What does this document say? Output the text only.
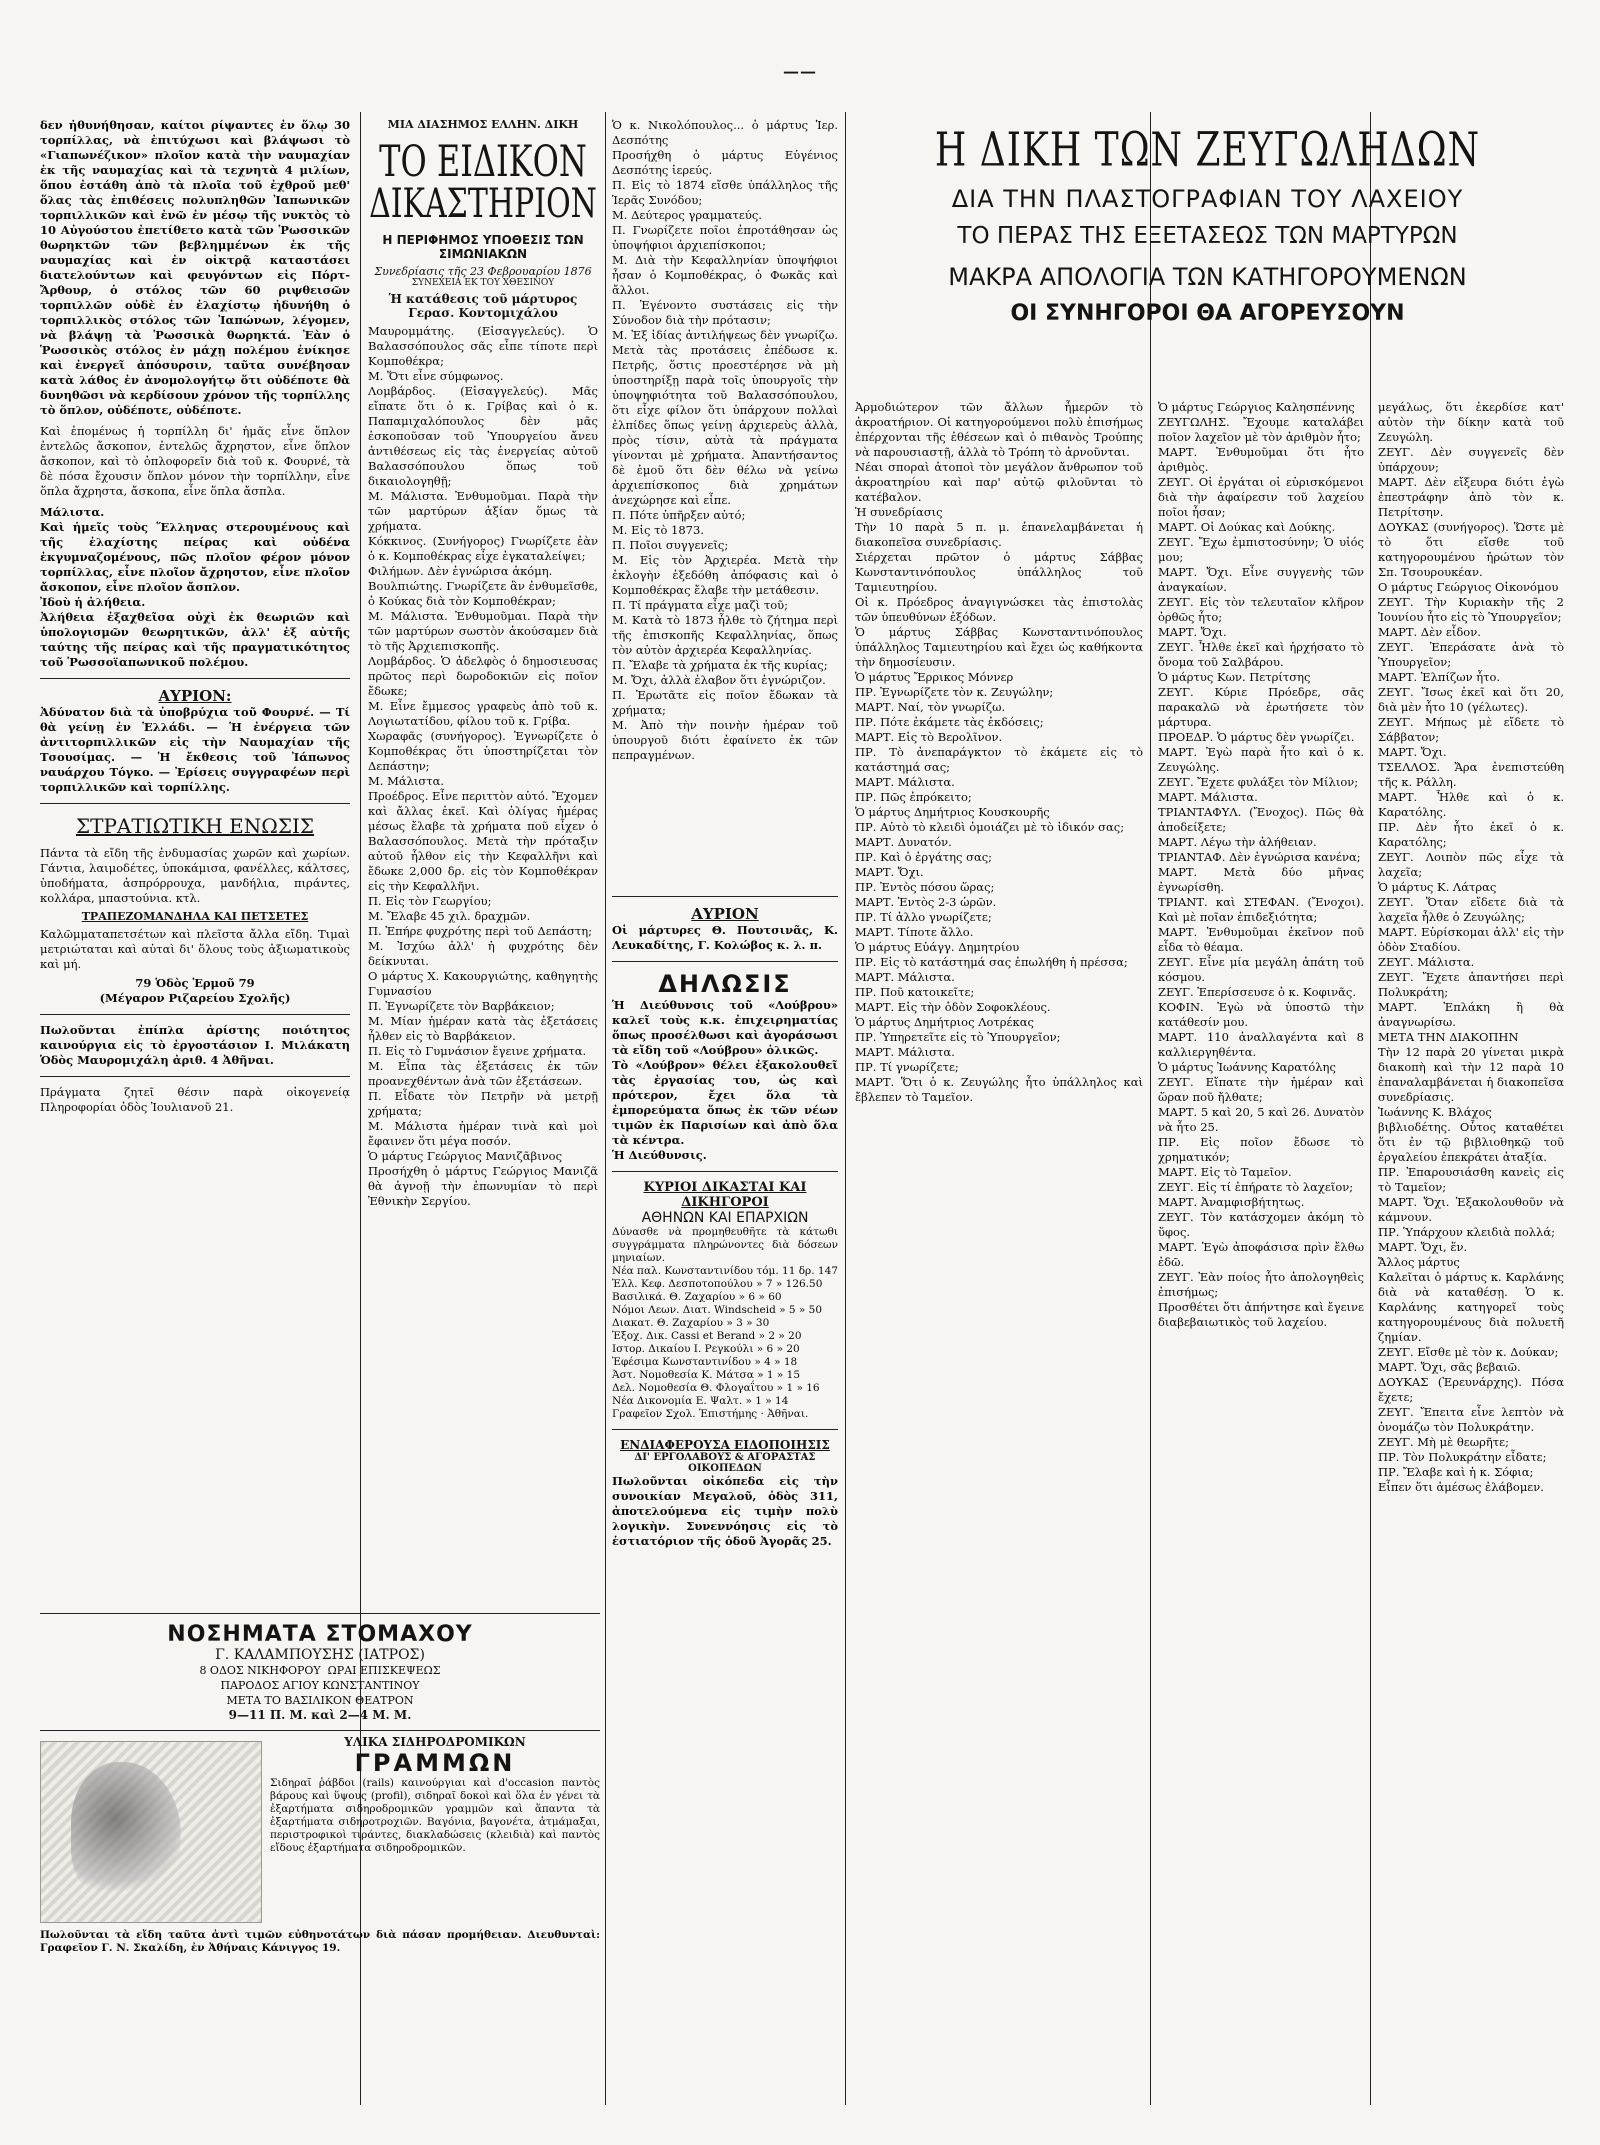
——
δεν ἠθυνήθησαν, καίτοι ρίψαντες ἐν ὅλῳ 30 τορπίλλας, νὰ ἐπιτύχωσι καὶ βλάψωσι τὸ «Γιαπωνέζικον» πλοῖον κατὰ τὴν ναυμαχίαν ἐκ τῆς ναυμαχίας καὶ τὰ τεχνητὰ 4 μιλίων, ὅπου ἐστάθη ἀπὸ τὰ πλοῖα τοῦ ἐχθροῦ μεθ' ὅλας τὰς ἐπιθέσεις πολυπληθῶν Ἰαπωνικῶν τορπιλλικῶν καὶ ἐνῶ ἐν μέσῳ τῆς νυκτὸς τὸ 10 Αὐγούστου ἐπετίθετο κατὰ τῶν Ῥωσσικῶν θωρηκτῶν τῶν βεβλημμένων ἐκ τῆς ναυμαχίας καὶ ἐν οἰκτρᾷ καταστάσει διατελούντων καὶ φευγόντων εἰς Πόρτ-Ἄρθουρ, ὁ στόλος τῶν 60 ριψθεισῶν τορπιλλῶν οὐδὲ ἐν ἐλαχίστῳ ἠδυνήθη ὁ τορπιλλικὸς στόλος τῶν Ἰαπώνων, λέγομεν, νὰ βλάψῃ τὰ Ῥωσσικὰ θωρηκτά. Ἐὰν ὁ Ῥωσσικὸς στόλος ἐν μάχῃ πολέμου ἐνίκησε καὶ ἐνεργεῖ ἀπόσυρσιν, ταῦτα συνέβησαν κατὰ λάθος ἐν ἀνομολογήτῳ ὅτι οὐδέποτε θὰ δυνηθῶσι νὰ κερδίσουν χρόνον τῆς τορπίλλης τὸ ὅπλον, οὐδέποτε, οὐδέποτε.
Καὶ ἐπομένως ἡ τορπίλλη δι' ἡμᾶς εἶνε ὅπλον ἐντελῶς ἄσκοπον, ἐντελῶς ἄχρηστον, εἶνε ὅπλον ἄσκοπον, καὶ τὸ ὁπλοφορεῖν διὰ τοῦ κ. Φουρνέ, τὰ δὲ πόσα ἔχουσιν ὅπλον μόνον τὴν τορπίλλην, εἶνε ὅπλα ἄχρηστα, ἄσκοπα, εἶνε ὅπλα ἄσπλα.
Μάλιστα.
Καὶ ἡμεῖς τοὺς Ἕλληνας στερουμένους καὶ τῆς ἐλαχίστης πείρας καὶ οὐδένα ἐκγυμναζομένους, πῶς πλοῖον φέρον μόνον τορπίλλας, εἶνε πλοῖον ἄχρηστον, εἶνε πλοῖον ἄσκοπον, εἶνε πλοῖον ἄσπλον.
Ἰδοὺ ἡ ἀλήθεια.
Ἀλήθεια ἐξαχθεῖσα οὐχὶ ἐκ θεωριῶν καὶ ὑπολογισμῶν θεωρητικῶν, ἀλλ' ἐξ αὐτῆς ταύτης τῆς πείρας καὶ τῆς πραγματικότητος τοῦ Ῥωσσοϊαπωνικοῦ πολέμου.
ΑΥΡΙΟΝ:
Ἀδύνατον διὰ τὰ ὑποβρύχια τοῦ Φουρνέ. — Τί θὰ γείνῃ ἐν Ἑλλάδι. — Ἡ ἐνέργεια τῶν ἀντιτορπιλλικῶν εἰς τὴν Ναυμαχίαν τῆς Τσουσίμας. — Ἡ ἔκθεσις τοῦ Ἰάπωνος ναυάρχου Τόγκο. — Ἐρίσεις συγγραφέων περὶ τορπιλλικῶν καὶ τορπίλλης.
ΣΤΡΑΤΙΩΤΙΚΗ ΕΝΩΣΙΣ
Πάντα τὰ εἴδη τῆς ἐνδυμασίας χωρῶν καὶ χωρίων. Γάντια, λαιμοδέτες, ὑποκάμισα, φανέλλες, κάλτσες, ὑποδήματα, ἀσπρόρρουχα, μανδήλια, πιράντες, κολλάρα, μπαστούνια. κτλ.
ΤΡΑΠΕΖΟΜΑΝΔΗΛΑ ΚΑΙ ΠΕΤΣΕΤΕΣ
Καλῶμματαπετσέτων καὶ πλεῖστα ἄλλα εἴδη. Τιμαὶ μετριώταται καὶ αὐταὶ δι' ὅλους τοὺς ἀξιωματικοὺς καὶ μή.
79 Ὁδὸς Ἑρμοῦ 79
(Μέγαρον Ριζαρείου Σχολῆς)
Πωλοῦνται ἐπίπλα ἀρίστης ποιότητος καινούργια εἰς τὸ ἐργοστάσιον Ι. Μιλάκατη Ὁδὸς Μαυρομιχάλη ἀριθ. 4 Ἀθῆναι.
Πράγματα ζητεῖ θέσιν παρὰ οἰκογενείᾳ Πληροφορίαι ὁδὸς Ἰουλιανοῦ 21.
ΝΟΣΗΜΑΤΑ ΣΤΟΜΑΧΟΥ
Γ. ΚΑΛΑΜΠΟΥΣΗΣ (ΙΑΤΡΟΣ)
8 ΟΔΟΣ ΝΙΚΗΦΟΡΟΥ  ΩΡΑΙ ΕΠΙΣΚΕΨΕΩΣ
ΠΑΡΟΔΟΣ ΑΓΙΟΥ ΚΩΝΣΤΑΝΤΙΝΟΥ
ΜΕΤΑ ΤΟ ΒΑΣΙΛΙΚΟΝ ΘΕΑΤΡΟΝ
9—11 Π. Μ. καὶ 2—4 Μ. Μ.
ΥΛΙΚΑ ΣΙΔΗΡΟΔΡΟΜΙΚΩΝ
ΓΡΑΜΜΩΝ
Σιδηραῖ ῥάβδοι (rails) καινούργιαι καὶ d'occasion παντὸς βάρους καὶ ὕψους (profil), σιδηραῖ δοκοὶ καὶ ὅλα ἐν γένει τὰ ἐξαρτήματα σιδηροδρομικῶν γραμμῶν καὶ ἅπαντα τὰ ἐξαρτήματα σιδηροτροχιῶν. Βαγόνια, βαγονέτα, ἀτμάμαξαι, περιστροφικοὶ τιράντες, διακλαδώσεις (κλειδιὰ) καὶ παντὸς εἴδους ἐξαρτήματα σιδηροδρομικῶν.
Πωλοῦνται τὰ εἴδη ταῦτα ἀντὶ τιμῶν εὐθηνοτάτων διὰ πάσαν προμήθειαν. Διευθυνταὶ: Γραφεῖον Γ. Ν. Σκαλίδη, ἐν Ἀθήναις Κάνιγγος 19.
ΜΙΑ ΔΙΑΣΗΜΟΣ ΕΛΛΗΝ. ΔΙΚΗ
ΤΟ ΕΙΔΙΚΟΝ
ΔΙΚΑΣΤΗΡΙΟΝ
Η ΠΕΡΙΦΗΜΟΣ ΥΠΟΘΕΣΙΣ ΤΩΝ ΣΙΜΩΝΙΑΚΩΝ
Συνεδρίασις τῆς 23 Φεβρουαρίου 1876
ΣΥΝΕΧΕΙΑ ΕΚ ΤΟΥ ΧΘΕΣΙΝΟΥ
Ἡ κατάθεσις τοῦ μάρτυρος Γερασ. Κοντομιχάλου
Μαυρομμάτης. (Εἰσαγγελεύς). Ὁ Βαλασσόπουλος σᾶς εἶπε τίποτε περὶ Κομποθέκρα;
Μ. Ὅτι εἶνε σύμφωνος.
Λομβάρδος. (Εἰσαγγελεύς). Μᾶς εἴπατε ὅτι ὁ κ. Γρίβας καὶ ὁ κ. Παπαμιχαλόπουλος δὲν μᾶς ἐσκοποῦσαν τοῦ Ὑπουργείου ἄνευ ἀντιθέσεως εἰς τὰς ἐνεργείας αὐτοῦ Βαλασσόπουλου ὅπως τοῦ δικαιολογηθῇ;
Μ. Μάλιστα. Ἐνθυμοῦμαι. Παρὰ τὴν τῶν μαρτύρων ἀξίαν ὅμως τὰ χρήματα.
Κόκκινος. (Συνήγορος) Γνωρίζετε ἐὰν ὁ κ. Κομποθέκρας εἶχε ἐγκαταλείψει;
Φιλήμων. Δὲν ἐγνώρισα ἀκόμη.
Βουλπιώτης. Γνωρίζετε ἂν ἐνθυμεῖσθε, ὁ Κούκας διὰ τὸν Κομποθέκραν;
Μ. Μάλιστα. Ἐνθυμοῦμαι. Παρὰ τὴν τῶν μαρτύρων σωστὸν ἀκούσαμεν διὰ τὸ τῆς Ἀρχιεπισκοπῆς.
Λομβάρδος. Ὁ ἀδελφὸς ὁ δημοσιευσας πρῶτος περὶ δωροδοκιῶν εἰς ποῖον ἔδωκε;
Μ. Εἶνε ἔμμεσος γραφεὺς ἀπὸ τοῦ κ. Λογιωτατίδου, φίλου τοῦ κ. Γρίβα.
Χωραφᾶς (συνήγορος). Ἐγνωρίζετε ὁ Κομποθέκρας ὅτι ὑποστηρίζεται τὸν Δεπάστην;
Μ. Μάλιστα.
Προέδρος. Εἶνε περιττὸν αὐτό. Ἔχομεν καὶ ἄλλας ἐκεῖ. Καὶ ὀλίγας ἡμέρας μέσως ἔλαβε τὰ χρήματα ποῦ εἶχεν ὁ Βαλασσόπουλος. Μετὰ τὴν πρόταξιν αὐτοῦ ἦλθον εἰς τὴν Κεφαλλῆνι καὶ ἔδωκε 2,000 δρ. εἰς τὸν Κομποθέκραν εἰς τὴν Κεφαλλῆνι.
Π. Εἰς τὸν Γεωργίου;
Μ. Ἔλαβε 45 χιλ. δραχμῶν.
Π. Ἐπήρε φυχρότης περὶ τοῦ Δεπάστη;
Μ. Ἰσχύω ἀλλ' ἡ φυχρότης δὲν δείκνυται.
Ο μάρτυς Χ. Κακουργιώτης, καθηγητὴς Γυμνασίου
Π. Ἐγνωρίζετε τὸν Βαρβάκειον;
Μ. Μίαν ἡμέραν κατὰ τὰς ἐξετάσεις ἦλθεν εἰς τὸ Βαρβάκειον.
Π. Εἰς τὸ Γυμνάσιον ἔγεινε χρήματα.
Μ. Εἶπα τὰς ἐξετάσεις ἐκ τῶν προανεχθέντων ἀνὰ τῶν ἐξετάσεων.
Π. Εἶδατε τὸν Πετρῆν νὰ μετρῇ χρήματα;
Μ. Μάλιστα ἡμέραν τινὰ καὶ μοὶ ἔφαινεν ὅτι μέγα ποσόν.
Ὁ μάρτυς Γεώργιος Μανιζᾶβινος
Προσήχθη ὁ μάρτυς Γεώργιος Μανιζᾶ θὰ ἀγνοῇ τὴν ἐπωνυμίαν τὸ περὶ Ἐθνικὴν Σεργίου.
Ὁ κ. Νικολόπουλος... ὁ μάρτυς Ἱερ. Δεσπότης
Προσήχθη ὁ μάρτυς Εὐγένιος Δεσπότης ἱερεύς.
Π. Εἰς τὸ 1874 εἴσθε ὑπάλληλος τῆς Ἱερᾶς Συνόδου;
Μ. Δεύτερος γραμματεύς.
Π. Γνωρίζετε ποῖοι ἐπροτάθησαν ὡς ὑποψήφιοι ἀρχιεπίσκοποι;
Μ. Διὰ τὴν Κεφαλληνίαν ὑποψήφιοι ἦσαν ὁ Κομποθέκρας, ὁ Φωκᾶς καὶ ἄλλοι.
Π. Ἐγένοντο συστάσεις εἰς τὴν Σύνοδον διὰ τὴν πρότασιν;
Μ. Ἐξ ἰδίας ἀντιλήψεως δὲν γνωρίζω. Μετὰ τὰς προτάσεις ἐπέδωσε κ. Πετρῆς, ὅστις προεστέρησε νὰ μὴ ὑποστηρίξῃ παρὰ τοῖς ὑπουργοῖς τὴν ὑποψηφιότητα τοῦ Βαλασσόπουλου, ὅτι εἶχε φίλον ὅτι ὑπάρχουν πολλαὶ ἐλπίδες ὅπως γείνῃ ἀρχιερεὺς ἀλλὰ, πρὸς τίσιν, αὐτὰ τὰ πράγματα γίνονται μὲ χρήματα. Ἀπαντήσαντος δὲ ἐμοῦ ὅτι δὲν θέλω νὰ γείνω ἀρχιεπίσκοπος διὰ χρημάτων ἀνεχώρησε καὶ εἶπε.
Π. Πότε ὑπῆρξεν αὐτό;
Μ. Εἰς τὸ 1873.
Π. Ποῖοι συγγενεῖς;
Μ. Εἰς τὸν Ἀρχιερέα. Μετὰ τὴν ἐκλογὴν ἐξεδόθη ἀπόφασις καὶ ὁ Κομποθέκρας ἔλαβε τὴν μετάθεσιν.
Π. Τί πράγματα εἶχε μαζὶ τοῦ;
Μ. Κατὰ τὸ 1873 ἦλθε τὸ ζήτημα περὶ τῆς ἐπισκοπῆς Κεφαλληνίας, ὅπως τὸν αὐτὸν ἀρχιερέα Κεφαλληνίας.
Π. Ἔλαβε τὰ χρήματα ἐκ τῆς κυρίας;
Μ. Ὄχι, ἀλλὰ ἐλαβον ὅτι ἐγνώριζον.
Π. Ἐρωτᾶτε εἰς ποῖον ἔδωκαν τὰ χρήματα;
Μ. Ἀπὸ τὴν ποινὴν ἡμέραν τοῦ ὑπουργοῦ διότι ἐφαίνετο ἐκ τῶν πεπραγμένων.
ΑΥΡΙΟΝ
Οἱ μάρτυρες Θ. Πουτσινᾶς, Κ. Λευκαδίτης, Γ. Κολώβος κ. λ. π.
ΔΗΛΩΣΙΣ
Ἡ Διεύθυνσις τοῦ «Λούβρου» καλεῖ τοὺς κ.κ. ἐπιχειρηματίας ὅπως προσέλθωσι καὶ ἀγοράσωσι τὰ εἴδη τοῦ «Λούβρου» ὁλικῶς.
Τὸ «Λούβρον» θέλει ἐξακολουθεῖ τὰς ἐργασίας του, ὡς καὶ πρότερον, ἔχει ὅλα τὰ ἐμπορεύματα ὅπως ἐκ τῶν νέων τιμῶν ἐκ Παρισίων καὶ ἀπὸ ὅλα τὰ κέντρα.
Ἡ Διεύθυνσις.
ΚΥΡΙΟΙ ΔΙΚΑΣΤΑΙ ΚΑΙ ΔΙΚΗΓΟΡΟΙ
ΑΘΗΝΩΝ ΚΑΙ ΕΠΑΡΧΙΩΝ
Δύνασθε νὰ προμηθευθῆτε τὰ κάτωθι συγγράμματα πληρώνοντες διὰ δόσεων μηνιαίων.
Νέα παλ. Κωνσταντινίδου τόμ. 11 δρ. 147
Ἐλλ. Κεφ. Δεσποτοπούλου » 7 » 126.50
Βασιλικά. Θ. Ζαχαρίου » 6 » 60
Νόμοι Λεων. Διατ. Windscheid » 5 » 50
Διακατ. Θ. Ζαχαρίου » 3 » 30
Ἐξοχ. Δικ. Cassi et Berand » 2 » 20
Ιστορ. Δικαίου Ι. Ρεγκούλι » 6 » 20
Ἐφέσιμα Κωνσταντινίδου » 4 » 18
Ἀστ. Νομοθεσία Κ. Μάτσα » 1 » 15
Δελ. Νομοθεσία Θ. Φλογαΐτου » 1 » 16
Νέα Δικονομία Ε. Ψαλτ. » 1 » 14
Γραφεῖον Σχολ. Ἐπιστήμης · Ἀθῆναι.
ΕΝΔΙΑΦΕΡΟΥΣΑ ΕΙΔΟΠΟΙΗΣΙΣ
ΔΙ' ΕΡΓΟΛΑΒΟΥΣ & ΑΓΟΡΑΣΤΑΣ ΟΙΚΟΠΕΔΩΝ
Πωλοῦνται οἰκόπεδα εἰς τὴν συνοικίαν Μεγαλοῦ, ὁδὸς 311, ἀποτελούμενα εἰς τιμὴν πολὺ λογικὴν. Συνεννόησις εἰς τὸ ἑστιατόριον τῆς ὁδοῦ Ἀγορᾶς 25.
Η ΔΙΚΗ ΤΩΝ ΖΕΥΓΩΛΗΔΩΝ
ΔΙΑ ΤΗΝ ΠΛΑΣΤΟΓΡΑΦΙΑΝ ΤΟΥ ΛΑΧΕΙΟΥ
ΤΟ ΠΕΡΑΣ ΤΗΣ ΕΞΕΤΑΣΕΩΣ ΤΩΝ ΜΑΡΤΥΡΩΝ
ΜΑΚΡΑ ΑΠΟΛΟΓΙΑ ΤΩΝ ΚΑΤΗΓΟΡΟΥΜΕΝΩΝ
ΟΙ ΣΥΝΗΓΟΡΟΙ ΘΑ ΑΓΟΡΕΥΣΟΥΝ
Ἀρμοδιώτερον τῶν ἄλλων ἦμερῶν τὸ ἀκροατήριον. Οἱ κατηγορούμενοι πολὺ ἐπισήμως ἐπέρχονται τῆς ἐθέσεων καὶ ὁ πιθανὸς Τρούπης νὰ παρουσιαστῇ, ἀλλὰ τὸ Τρόπη τὸ ἀρνοῦνται.
Νέαι σποραὶ ἀτοποὶ τὸν μεγάλον ἄνθρωπον τοῦ ἀκροατηρίου καὶ παρ' αὐτῷ φιλοῦνται τὸ κατέβαλον.
Ἡ συνεδρίασις
Τὴν 10 παρὰ 5 π. μ. ἐπανελαμβάνεται ἡ διακοπεῖσα συνεδρίασις.
Σιέρχεται πρῶτον ὁ μάρτυς Σάββας Κωνσταντινόπουλος ὑπάλληλος τοῦ Ταμιευτηρίου.
Οἱ κ. Πρόεδρος ἀναγιγνώσκει τὰς ἐπιστολὰς τῶν ὑπευθύνων ἐξόδων.
Ὁ μάρτυς Σάββας Κωνσταντινόπουλος ὑπάλληλος Ταμιευτηρίου καὶ ἔχει ὡς καθήκοντα τὴν δημοσίευσιν.
Ὁ μάρτυς Ἔρρικος Μόννερ
ΠΡ. Ἐγνωρίζετε τὸν κ. Ζευγώλην;
ΜΑΡΤ. Ναί, τὸν γνωρίζω.
ΠΡ. Πότε ἐκάμετε τὰς ἐκδόσεις;
ΜΑΡΤ. Εἰς τὸ Βερολῖνον.
ΠΡ. Τὸ ἀνεπαράγκτον τὸ ἐκάμετε εἰς τὸ κατάστημά σας;
ΜΑΡΤ. Μάλιστα.
ΠΡ. Πῶς ἐπρόκειτο;
Ὁ μάρτυς Δημήτριος Κουσκουρῆς
ΠΡ. Αὐτὸ τὸ κλειδὶ ὁμοιάζει μὲ τὸ ἰδικόν σας;
ΜΑΡΤ. Δυνατόν.
ΠΡ. Καὶ ὁ ἐργάτης σας;
ΜΑΡΤ. Ὄχι.
ΠΡ. Ἐντὸς πόσου ὥρας;
ΜΑΡΤ. Ἐντὸς 2-3 ὡρῶν.
ΠΡ. Τί ἀλλο γνωρίζετε;
ΜΑΡΤ. Τίποτε ἄλλο.
Ὁ μάρτυς Εὐάγγ. Δημητρίου
ΠΡ. Εἰς τὸ κατάστημά σας ἐπωλήθη ἡ πρέσσα;
ΜΑΡΤ. Μάλιστα.
ΠΡ. Ποῦ κατοικεῖτε;
ΜΑΡΤ. Εἰς τὴν ὁδὸν Σοφοκλέους.
Ὁ μάρτυς Δημήτριος Λοτρέκας
ΠΡ. Ὑπηρετεῖτε εἰς τὸ Ὑπουργεῖον;
ΜΑΡΤ. Μάλιστα.
ΠΡ. Τί γνωρίζετε;
ΜΑΡΤ. Ὅτι ὁ κ. Ζευγώλης ἦτο ὑπάλληλος καὶ ἔβλεπεν τὸ Ταμεῖον.
Ὁ μάρτυς Γεώργιος Καλησπέννης
ΖΕΥΓΩΛΗΣ. Ἔχουμε καταλάβει ποῖον λαχεῖον μὲ τὸν ἀριθμὸν ἦτο;
ΜΑΡΤ. Ἐνθυμοῦμαι ὅτι ἦτο ἀριθμὸς.
ΖΕΥΓ. Οἱ ἐργάται οἱ εὑρισκόμενοι διὰ τὴν ἀφαίρεσιν τοῦ λαχείου ποῖοι ἦσαν;
ΜΑΡΤ. Οἱ Δούκας καὶ Δούκης.
ΖΕΥΓ. Ἔχω ἐμπιστοσύνην; Ὁ υἱός μου;
ΜΑΡΤ. Ὄχι. Εἶνε συγγενὴς τῶν ἀναγκαίων.
ΖΕΥΓ. Εἰς τὸν τελευταῖον κλῆρον ὀρθῶς ἦτο;
ΜΑΡΤ. Ὄχι.
ΖΕΥΓ. Ἦλθε ἐκεῖ καὶ ἠρχήσατο τὸ ὄνομα τοῦ Σαλβάρου.
Ὁ μάρτυς Κων. Πετρίτσης
ΖΕΥΓ. Κύριε Πρόεδρε, σᾶς παρακαλῶ νὰ ἐρωτήσετε τὸν μάρτυρα.
ΠΡΟΕΔΡ. Ὁ μάρτυς δὲν γνωρίζει.
ΜΑΡΤ. Ἐγὼ παρὰ ἦτο καὶ ὁ κ. Ζευγώλης.
ΖΕΥΓ. Ἔχετε φυλάξει τὸν Μίλιον;
ΜΑΡΤ. Μάλιστα.
ΤΡΙΑΝΤΑΦΥΛ. (Ἔνοχος). Πῶς θὰ ἀποδείξετε;
ΜΑΡΤ. Λέγω τὴν ἀλήθειαν.
ΤΡΙΑΝΤΑΦ. Δὲν ἐγνώρισα κανένα;
ΜΑΡΤ. Μετὰ δύο μῆνας ἐγνωρίσθη.
ΤΡΙΑΝΤ. καὶ ΣΤΕΦΑΝ. (Ἔνοχοι). Καὶ μὲ ποῖαν ἐπιδεξιότητα;
ΜΑΡΤ. Ἐνθυμοῦμαι ἐκεῖνον ποῦ εἶδα τὸ θέαμα.
ΖΕΥΓ. Εἶνε μία μεγάλη ἀπάτη τοῦ κόσμου.
ΖΕΥΓ. Ἐπερίσσευσε ὁ κ. Κοφινᾶς.
ΚΟΦΙΝ. Ἐγὼ νὰ ὑποστῶ τὴν κατάθεσίν μου.
ΜΑΡΤ. 110 ἀναλλαγέντα καὶ 8 καλλιεργηθέντα.
Ὁ μάρτυς Ἰωάννης Καρατόλης
ΖΕΥΓ. Εἴπατε τὴν ἡμέραν καὶ ὥραν ποῦ ἤλθατε;
ΜΑΡΤ. 5 καὶ 20, 5 καὶ 26. Δυνατὸν νὰ ἦτο 25.
ΠΡ. Εἰς ποῖον ἔδωσε τὸ χρηματικόν;
ΜΑΡΤ. Εἰς τὸ Ταμεῖον.
ΖΕΥΓ. Εἰς τί ἐπήρατε τὸ λαχεῖον;
ΜΑΡΤ. Ἀναμφισβήτητως.
ΖΕΥΓ. Τὸν κατάσχομεν ἀκόμη τὸ ὕφος.
ΜΑΡΤ. Ἐγὼ ἀποφάσισα πρὶν ἔλθω ἐδῶ.
ΖΕΥΓ. Ἐὰν ποίος ἦτο ἀπολογηθεὶς ἐπισήμως;
Προσθέτει ὅτι ἀπήντησε καὶ ἔγεινε διαβεβαιωτικὸς τοῦ λαχείου.
μεγάλως, ὅτι ἐκερδίσε κατ' αὐτὸν τὴν δίκην κατὰ τοῦ Ζευγώλη.
ΖΕΥΓ. Δὲν συγγενεῖς δὲν ὑπάρχουν;
ΜΑΡΤ. Δὲν εἴξευρα διότι ἐγὼ ἐπεστράφην ἀπὸ τὸν κ. Πετρίτσην.
ΔΟΥΚΑΣ (συνήγορος). Ὥστε μὲ τὸ ὅτι εἴσθε τοῦ κατηγορουμένου ἠρώτων τὸν Σπ. Τσουρουκέαν.
Ο μάρτυς Γεώργιος Οἰκονόμου
ΖΕΥΓ. Τὴν Κυριακὴν τῆς 2 Ἰουνίου ἦτο εἰς τὸ Ὑπουργεῖον;
ΜΑΡΤ. Δὲν εἶδον.
ΖΕΥΓ. Ἐπεράσατε ἀνὰ τὸ Ὑπουργεῖον;
ΜΑΡΤ. Ἐλπίζων ἦτο.
ΖΕΥΓ. Ἴσως ἐκεῖ καὶ ὅτι 20, διὰ μὲν ἦτο 10 (γέλωτες).
ΖΕΥΓ. Μήπως μὲ εἴδετε τὸ Σάββατον;
ΜΑΡΤ. Ὄχι.
ΤΣΕΛΛΟΣ. Ἄρα ἐνεπιστεύθη τῆς κ. Ράλλη.
ΜΑΡΤ. Ἦλθε καὶ ὁ κ. Καρατόλης.
ΠΡ. Δὲν ἦτο ἐκεῖ ὁ κ. Καρατόλης;
ΖΕΥΓ. Λοιπὸν πῶς εἶχε τὰ λαχεῖα;
Ὁ μάρτυς Κ. Λάτρας
ΖΕΥΓ. Ὅταν εἴδετε διὰ τὰ λαχεῖα ἦλθε ὁ Ζευγώλης;
ΜΑΡΤ. Εὑρίσκομαι ἀλλ' εἰς τὴν ὁδὸν Σταδίου.
ΖΕΥΓ. Μάλιστα.
ΖΕΥΓ. Ἔχετε ἀπαντήσει περὶ Πολυκράτη;
ΜΑΡΤ. Ἐπλάκη ἢ θὰ ἀναγνωρίσω.
ΜΕΤΑ ΤΗΝ ΔΙΑΚΟΠΗΝ
Τὴν 12 παρὰ 20 γίνεται μικρὰ διακοπὴ καὶ τὴν 12 παρὰ 10 ἐπαναλαμβάνεται ἡ διακοπεῖσα συνεδρίασις.
Ἰωάννης Κ. Βλάχος
βιβλιοδέτης. Οὗτος καταθέτει ὅτι ἐν τῷ βιβλιοθηκῷ τοῦ ἐργαλείου ἐπεκράτει ἀταξία.
ΠΡ. Ἐπαρουσιάσθη κανεὶς εἰς τὸ Ταμεῖον;
ΜΑΡΤ. Ὄχι. Ἐξακολουθοῦν νὰ κάμνουν.
ΠΡ. Ὑπάρχουν κλειδιὰ πολλά;
ΜΑΡΤ. Ὄχι, ἕν.
Ἄλλος μάρτυς
Καλεῖται ὁ μάρτυς κ. Καρλάνης διὰ νὰ καταθέσῃ. Ὁ κ. Καρλάνης κατηγορεῖ τοὺς κατηγορουμένους διὰ πολυετῆ ζημίαν.
ΖΕΥΓ. Εἴσθε μὲ τὸν κ. Δούκαν;
ΜΑΡΤ. Ὄχι, σᾶς βεβαιῶ.
ΔΟΥΚΑΣ (Ἐρευνάρχης). Πόσα ἔχετε;
ΖΕΥΓ. Ἔπειτα εἶνε λεπτὸν νὰ ὀνομάζω τὸν Πολυκράτην.
ΖΕΥΓ. Μὴ μὲ θεωρῆτε;
ΠΡ. Τὸν Πολυκράτην εἶδατε;
ΠΡ. Ἔλαβε καὶ ἡ κ. Σόφια;
Εἶπεν ὅτι ἀμέσως ἐλάβομεν.
